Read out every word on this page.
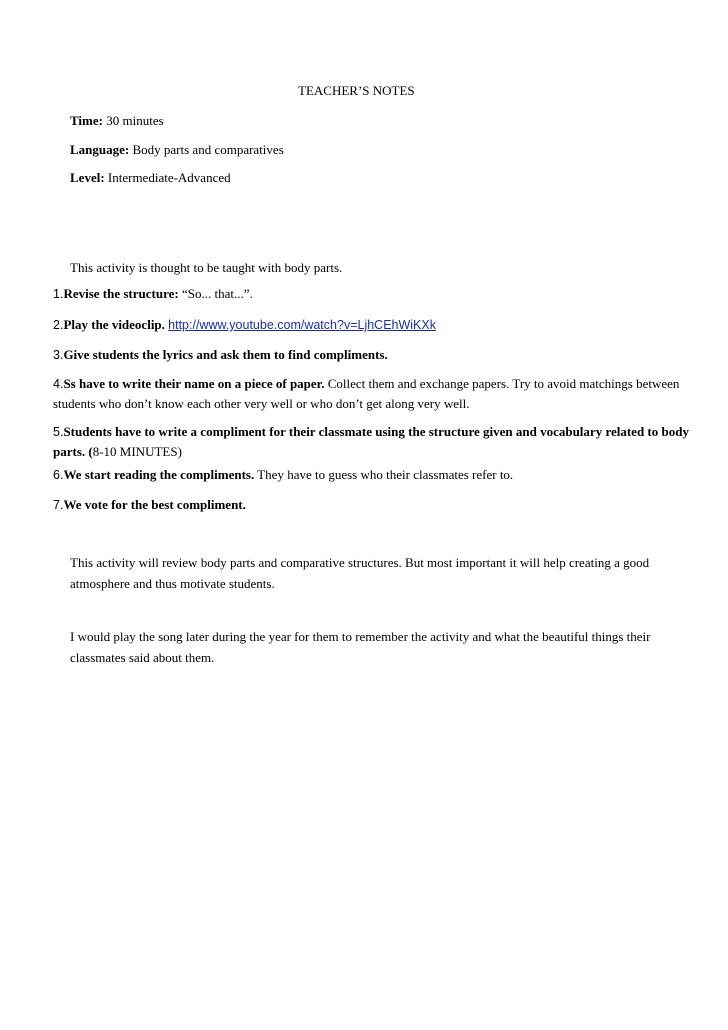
TEACHER’S NOTES
Time: 30 minutes
Language: Body parts and comparatives
Level: Intermediate-Advanced
This activity is thought to be taught with body parts.
1.Revise the structure: “So... that...”.
2.Play the videoclip. http://www.youtube.com/watch?v=LjhCEhWiKXk
3.Give students the lyrics and ask them to find compliments.
4.Ss have to write their name on a piece of paper. Collect them and exchange papers. Try to avoid matchings between students who don’t know each other very well or who don’t get along very well.
5.Students have to write a compliment for their classmate using the structure given and vocabulary related to body parts. (8-10 MINUTES)
6.We start reading the compliments. They have to guess who their classmates refer to.
7.We vote for the best compliment.
This activity will review body parts and comparative structures. But most important it will help creating a good atmosphere and thus motivate students.
I would play the song later during the year for them to remember the activity and what the beautiful things their classmates said about them.
